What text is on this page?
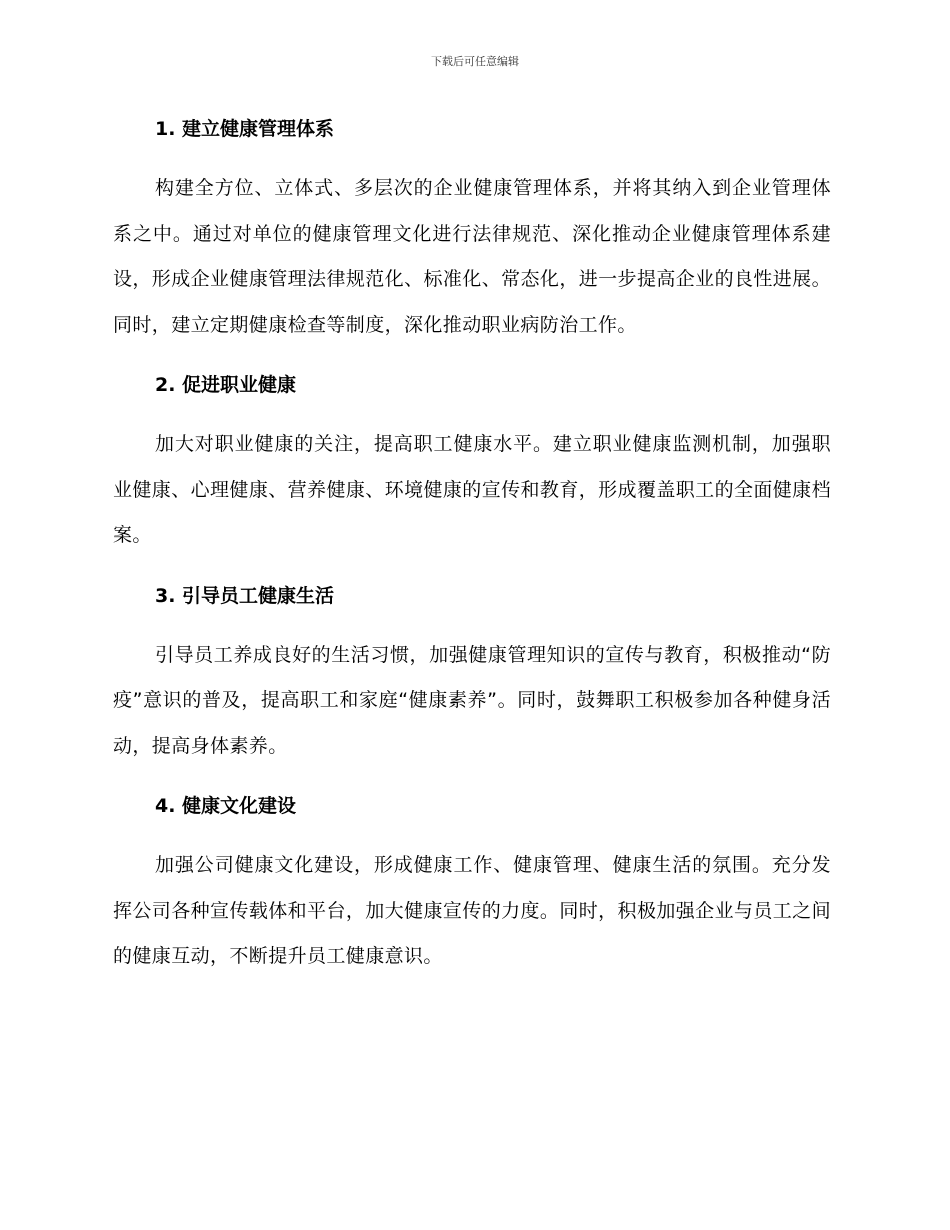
下载后可任意编辑
1. 建立健康管理体系

构建全方位、立体式、多层次的企业健康管理体系，并将其纳入到企业管理体系之中。通过对单位的健康管理文化进行法律规范、深化推动企业健康管理体系建设，形成企业健康管理法律规范化、标准化、常态化，进一步提高企业的良性进展。同时，建立定期健康检查等制度，深化推动职业病防治工作。

2. 促进职业健康

加大对职业健康的关注，提高职工健康水平。建立职业健康监测机制，加强职业健康、心理健康、营养健康、环境健康的宣传和教育，形成覆盖职工的全面健康档案。

3. 引导员工健康生活

引导员工养成良好的生活习惯，加强健康管理知识的宣传与教育，积极推动“防疫”意识的普及，提高职工和家庭“健康素养”。同时，鼓舞职工积极参加各种健身活动，提高身体素养。

4. 健康文化建设

加强公司健康文化建设，形成健康工作、健康管理、健康生活的氛围。充分发挥公司各种宣传载体和平台，加大健康宣传的力度。同时，积极加强企业与员工之间的健康互动，不断提升员工健康意识。
